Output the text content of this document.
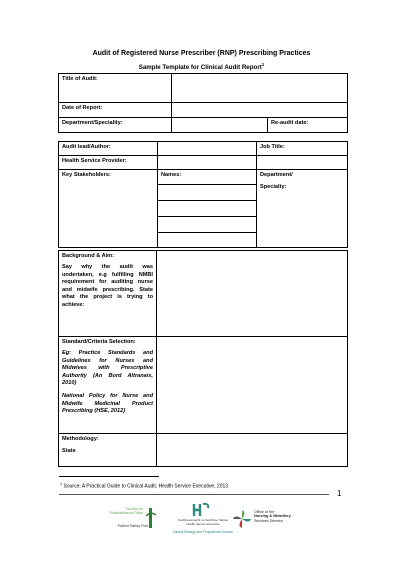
Audit of Registered Nurse Prescriber (RNP) Prescribing Practices
Sample Template for Clinical Audit Report$^1$
Title of Audit:		
Date of Report:		
Department/Speciality:		Re-audit date:
Audit lead/Author:		Job Title:
Health Service Provider:		
Key Stakeholders:	Names:	Department/
Specialty:

Background & Aim:
Say why the audit was undertaken, e.g fulfilling NMBI requirement for auditing nurse and midwife prescribing. State what the project is trying to achieve:	

Standard/Criteria Selection:
Eg: Practice Standards and Guidelines for Nurses and Midwives with Prescriptive Authority (An Bord Altranais, 2010)
National Policy for Nurse and Midwife Medicinal Product Prescribing (HSE, 2012)	

Methodology:
State	

$^1$ Source: A Practical Guide to Clinical Audit, Health Service Executive, 2013
1
Tús Áite do Shábháilteacht Othar
Patient Safety First
Feidhmeannacht na Seirbhíse Sláinte
Health Service Executive
Clinical Strategy and Programmes Division
Office of the
Nursing & Midwifery
Services Director
